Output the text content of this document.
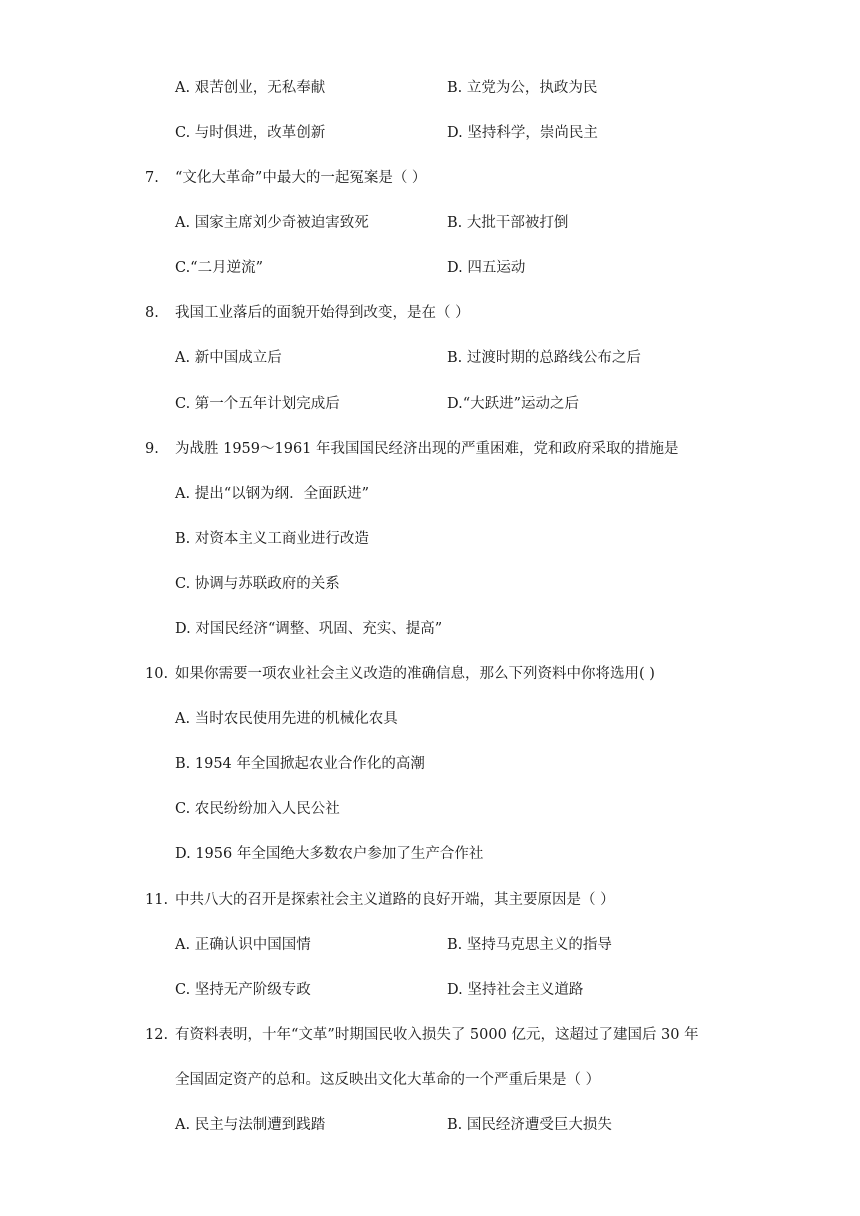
A. 艰苦创业，无私奉献	B. 立党为公，执政为民
C. 与时俱进，改革创新	D. 坚持科学，崇尚民主
7. “文化大革命”中最大的一起冤案是（ ）
A. 国家主席刘少奇被迫害致死	B. 大批干部被打倒
C.“二月逆流”	D. 四五运动
8. 我国工业落后的面貌开始得到改变，是在（ ）
A. 新中国成立后	B. 过渡时期的总路线公布之后
C. 第一个五年计划完成后	D.“大跃进”运动之后
9. 为战胜 1959～1961 年我国国民经济出现的严重困难，党和政府采取的措施是
A. 提出“以钢为纲．全面跃进”
B. 对资本主义工商业进行改造
C. 协调与苏联政府的关系
D. 对国民经济“调整、巩固、充实、提高”
10. 如果你需要一项农业社会主义改造的准确信息，那么下列资料中你将选用( )
A. 当时农民使用先进的机械化农具
B. 1954 年全国掀起农业合作化的高潮
C. 农民纷纷加入人民公社
D. 1956 年全国绝大多数农户参加了生产合作社
11. 中共八大的召开是探索社会主义道路的良好开端，其主要原因是（ ）
A. 正确认识中国国情	B. 坚持马克思主义的指导
C. 坚持无产阶级专政	D. 坚持社会主义道路
12. 有资料表明，十年“文革”时期国民收入损失了 5000 亿元，这超过了建国后 30 年
全国固定资产的总和。这反映出文化大革命的一个严重后果是（ ）
A. 民主与法制遭到践踏	B. 国民经济遭受巨大损失
